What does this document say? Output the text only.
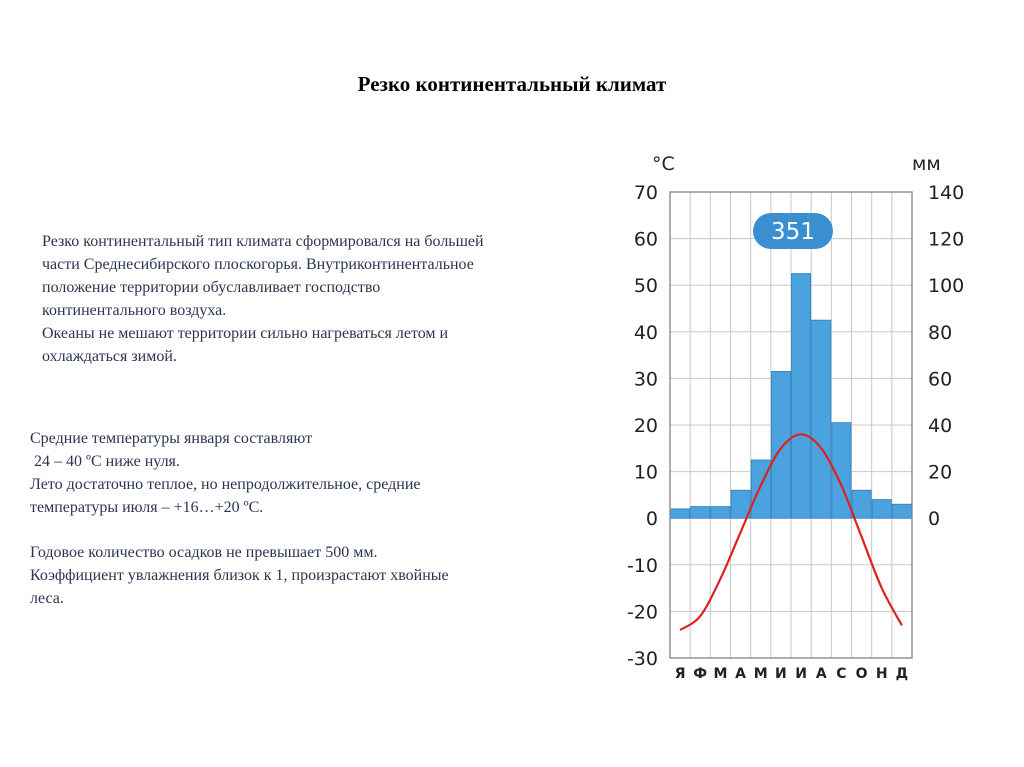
Резко континентальный климат
Резко континентальный тип климата сформировался на большей
части Среднесибирского плоскогорья. Внутриконтинентальное
положение территории обуславливает господство
континентального воздуха.
Океаны не мешают территории сильно нагреваться летом и
охлаждаться зимой.
Средние температуры января составляют
24 – 40 ºС ниже нуля.
Лето достаточно теплое, но непродолжительное, средние
температуры июля – +16…+20 ºС.
Годовое количество осадков не превышает 500 мм.
Коэффициент увлажнения близок к 1, произрастают хвойные
леса.
70
60
50
40
30
20
10
0
-10
-20
-30
140
120
100
80
60
40
20
0
°C	мм
Я Ф М А М И И А С О Н Д
351
